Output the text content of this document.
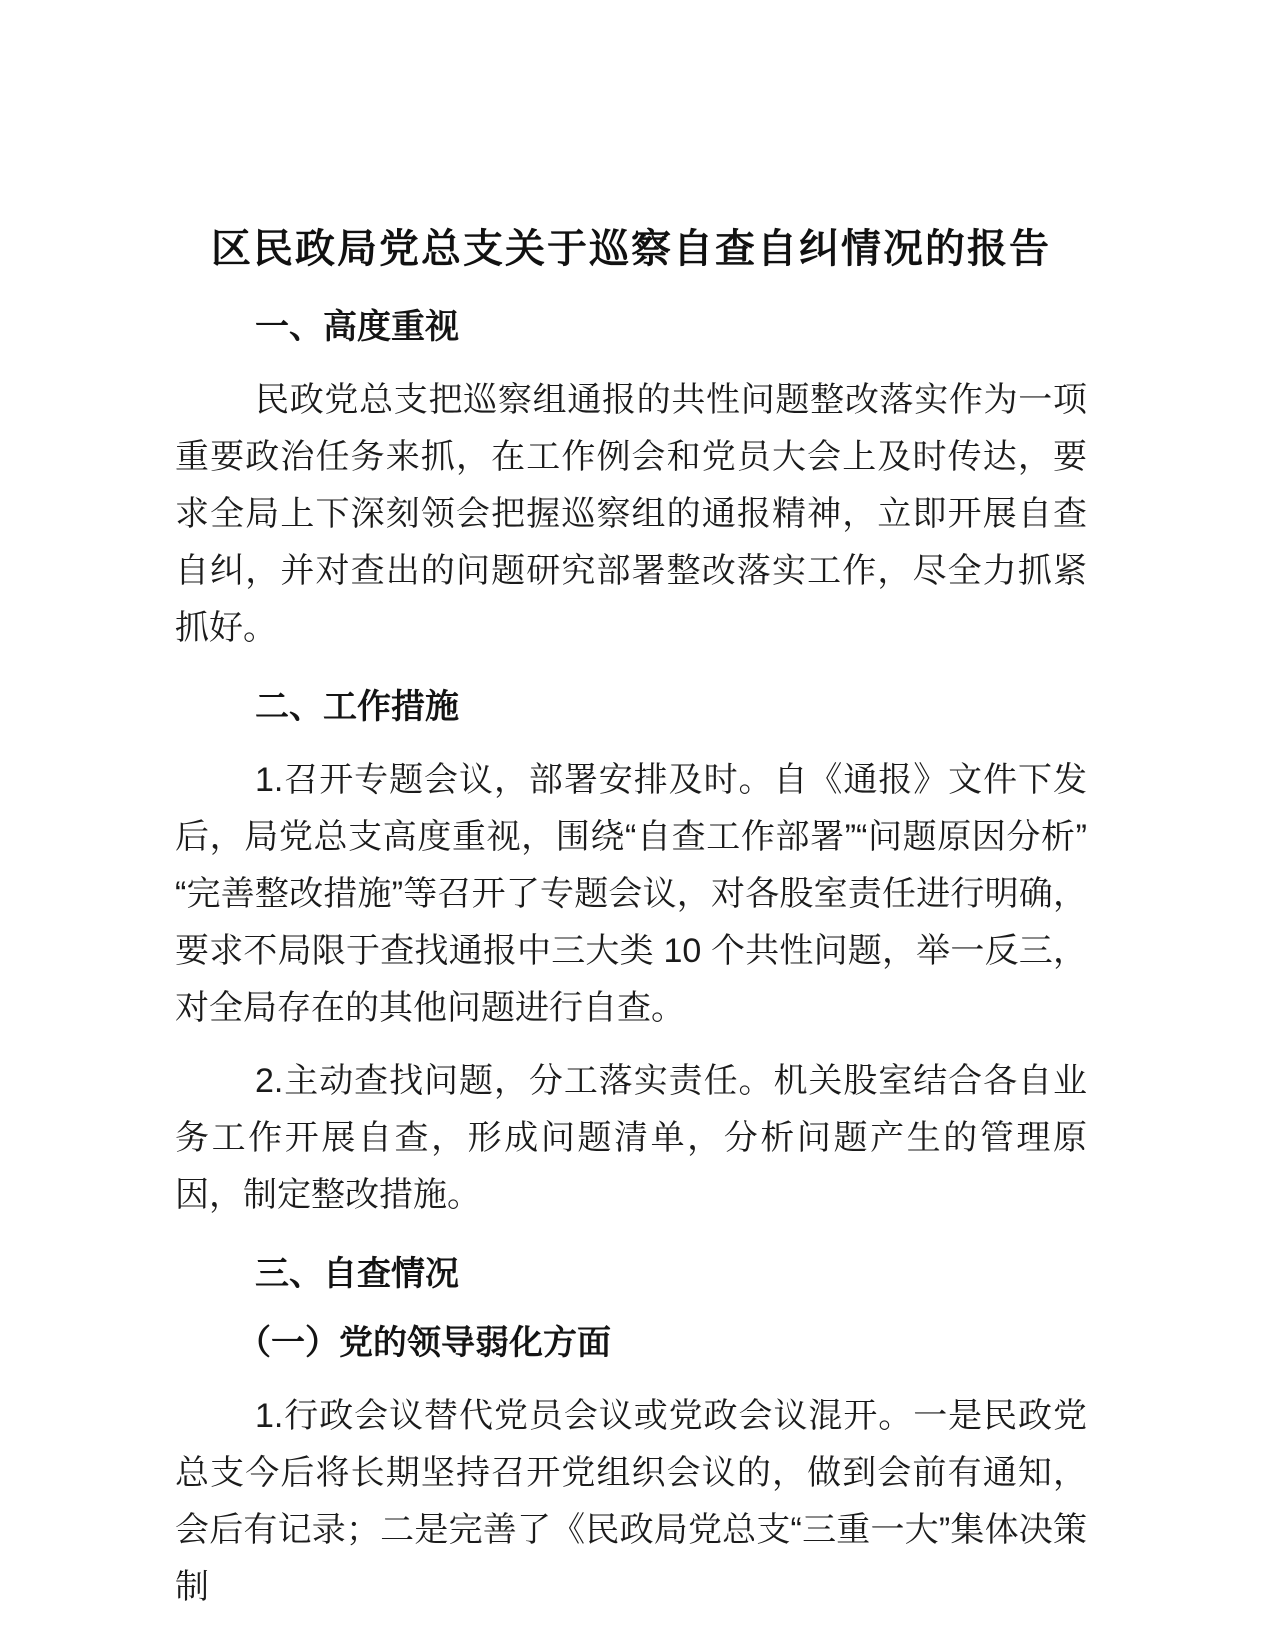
区民政局党总支关于巡察自查自纠情况的报告
一、高度重视

民政党总支把巡察组通报的共性问题整改落实作为一项重要政治任务来抓，在工作例会和党员大会上及时传达，要求全局上下深刻领会把握巡察组的通报精神，立即开展自查自纠，并对查出的问题研究部署整改落实工作，尽全力抓紧抓好。

二、工作措施

1.召开专题会议，部署安排及时。自《通报》文件下发后，局党总支高度重视，围绕“自查工作部署”“问题原因分析”“完善整改措施”等召开了专题会议，对各股室责任进行明确，要求不局限于查找通报中三大类 10 个共性问题，举一反三，对全局存在的其他问题进行自查。

2.主动查找问题，分工落实责任。机关股室结合各自业务工作开展自查，形成问题清单，分析问题产生的管理原因，制定整改措施。

三、自查情况
（一）党的领导弱化方面

1.行政会议替代党员会议或党政会议混开。一是民政党总支今后将长期坚持召开党组织会议的，做到会前有通知，会后有记录；二是完善了《民政局党总支“三重一大”集体决策制
